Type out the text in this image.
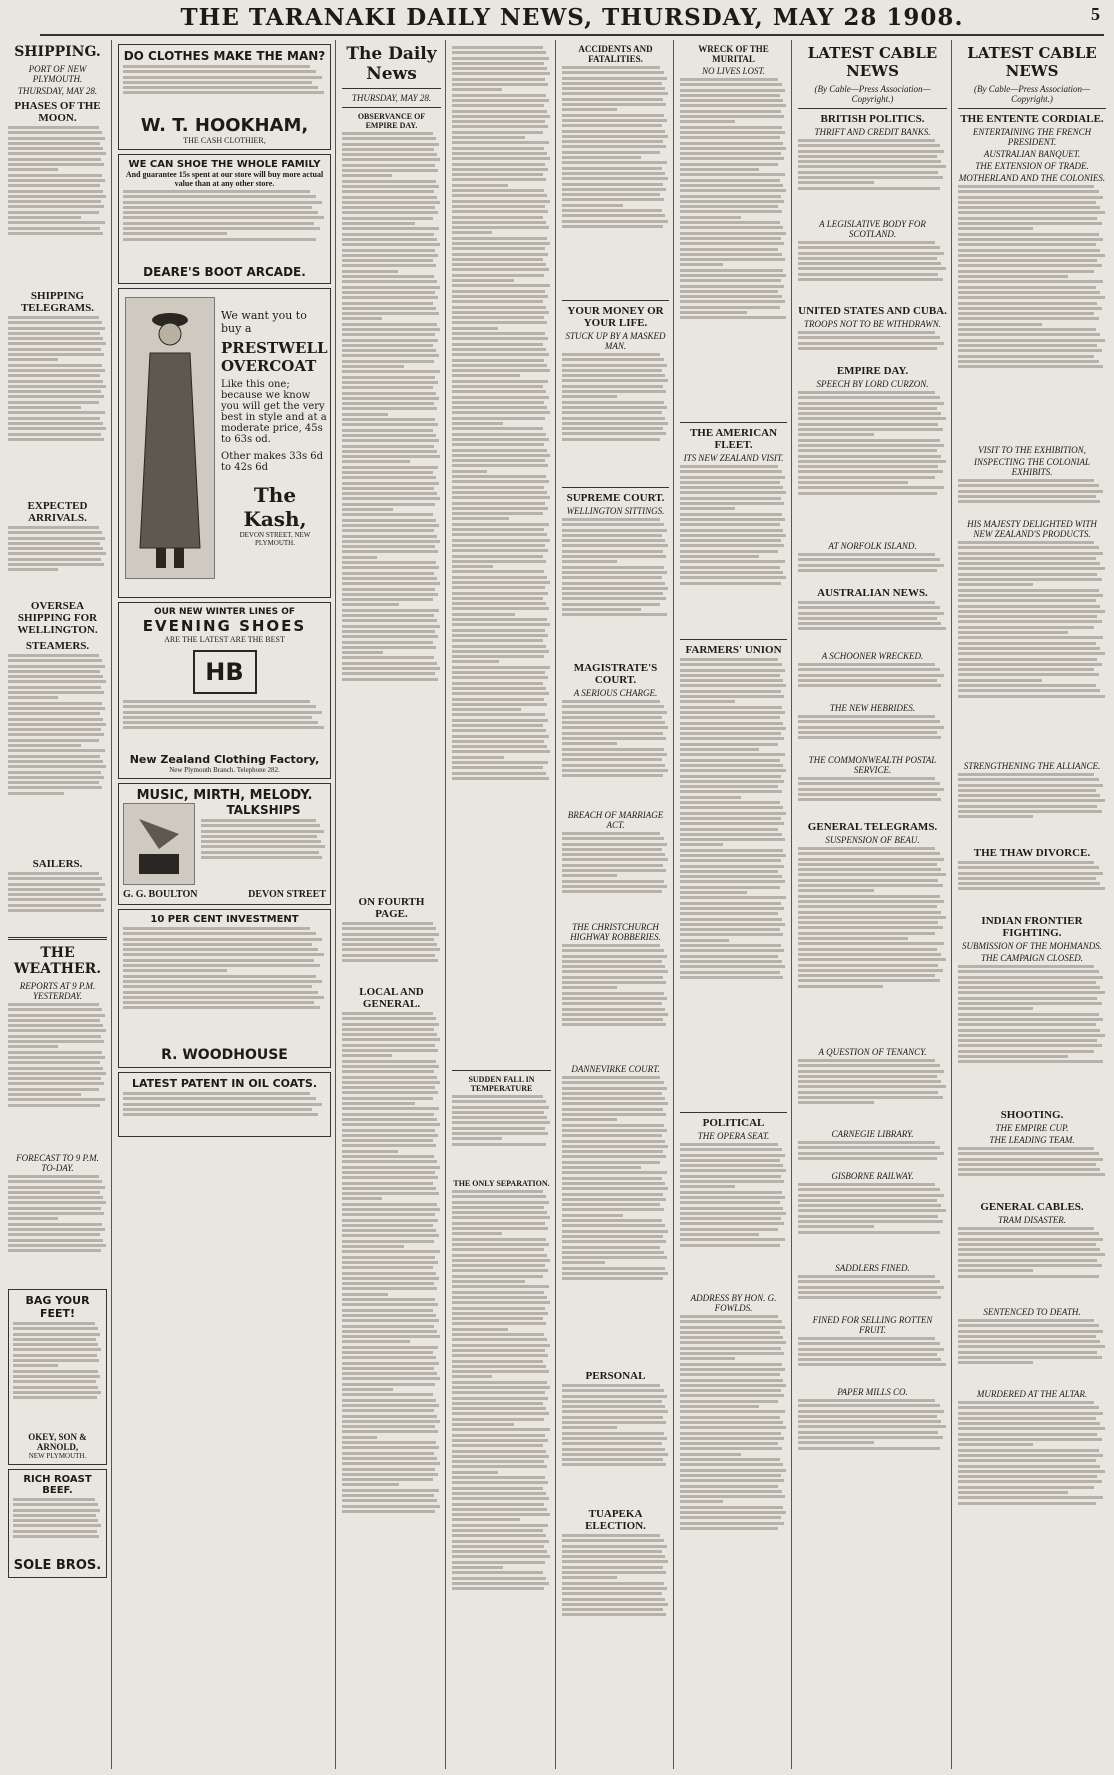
THE TARANAKI DAILY NEWS, THURSDAY, MAY 28 1908.	5
SHIPPING.
PORT OF NEW PLYMOUTH.
THURSDAY, MAY 28.
PHASES OF THE MOON.
SHIPPING TELEGRAMS.
EXPECTED ARRIVALS.
OVERSEA SHIPPING FOR WELLINGTON.
STEAMERS.
SAILERS.
THE WEATHER.
REPORTS AT 9 P.M. YESTERDAY.
FORECAST TO 9 P.M. TO-DAY.
BAG YOUR FEET!
OKEY, SON & ARNOLD,
NEW PLYMOUTH.
RICH ROAST BEEF.
SOLE BROS.
DO CLOTHES MAKE THE MAN?
W. T. HOOKHAM,
THE CASH CLOTHIER,
WE CAN SHOE THE WHOLE FAMILY
And guarantee 15s spent at our store will buy more actual value than at any other store.
DEARE'S BOOT ARCADE.
We want you to buy a
PRESTWELL OVERCOAT
Like this one; because we know you will get the very best in style and at a moderate price, 45s to 63s od.
Other makes 33s 6d to 42s 6d
The Kash,
DEVON STREET, NEW PLYMOUTH.
OUR NEW WINTER LINES OF
EVENING SHOES
ARE THE LATEST ARE THE BEST
HB
New Zealand Clothing Factory,
New Plymouth Branch. Telephone 282.
MUSIC, MIRTH, MELODY.
TALKSHIPS
G. G. BOULTON	DEVON STREET
10 PER CENT INVESTMENT
R. WOODHOUSE
LATEST PATENT IN OIL COATS.
The Daily News
THURSDAY, MAY 28.
OBSERVANCE OF EMPIRE DAY.
ON FOURTH PAGE.
LOCAL AND GENERAL.
SUDDEN FALL IN TEMPERATURE
THE ONLY SEPARATION.
ACCIDENTS AND FATALITIES.
YOUR MONEY OR YOUR LIFE.
STUCK UP BY A MASKED MAN.
SUPREME COURT.
WELLINGTON SITTINGS.
MAGISTRATE'S COURT.
A SERIOUS CHARGE.
BREACH OF MARRIAGE ACT.
THE CHRISTCHURCH HIGHWAY ROBBERIES.
DANNEVIRKE COURT.
PERSONAL
TUAPEKA ELECTION.
WRECK OF THE MURITAL
NO LIVES LOST.
THE AMERICAN FLEET.
ITS NEW ZEALAND VISIT.
FARMERS' UNION
POLITICAL
THE OPERA SEAT.
ADDRESS BY HON. G. FOWLDS.
LATEST CABLE NEWS
(By Cable—Press Association—Copyright.)
BRITISH POLITICS.
THRIFT AND CREDIT BANKS.
A LEGISLATIVE BODY FOR SCOTLAND.
UNITED STATES AND CUBA.
TROOPS NOT TO BE WITHDRAWN.
EMPIRE DAY.
SPEECH BY LORD CURZON.
AT NORFOLK ISLAND.
AUSTRALIAN NEWS.
A SCHOONER WRECKED.
THE NEW HEBRIDES.
THE COMMONWEALTH POSTAL SERVICE.
GENERAL TELEGRAMS.
SUSPENSION OF BEAU.
A QUESTION OF TENANCY.
CARNEGIE LIBRARY.
GISBORNE RAILWAY.
SADDLERS FINED.
FINED FOR SELLING ROTTEN FRUIT.
PAPER MILLS CO.
LATEST CABLE NEWS
(By Cable—Press Association—Copyright.)
THE ENTENTE CORDIALE.
ENTERTAINING THE FRENCH PRESIDENT.
AUSTRALIAN BANQUET.
THE EXTENSION OF TRADE.
MOTHERLAND AND THE COLONIES.
VISIT TO THE EXHIBITION,
INSPECTING THE COLONIAL EXHIBITS.
HIS MAJESTY DELIGHTED WITH NEW ZEALAND'S PRODUCTS.
STRENGTHENING THE ALLIANCE.
THE THAW DIVORCE.
INDIAN FRONTIER FIGHTING.
SUBMISSION OF THE MOHMANDS.
THE CAMPAIGN CLOSED.
SHOOTING.
THE EMPIRE CUP.
THE LEADING TEAM.
GENERAL CABLES.
TRAM DISASTER.
SENTENCED TO DEATH.
MURDERED AT THE ALTAR.
